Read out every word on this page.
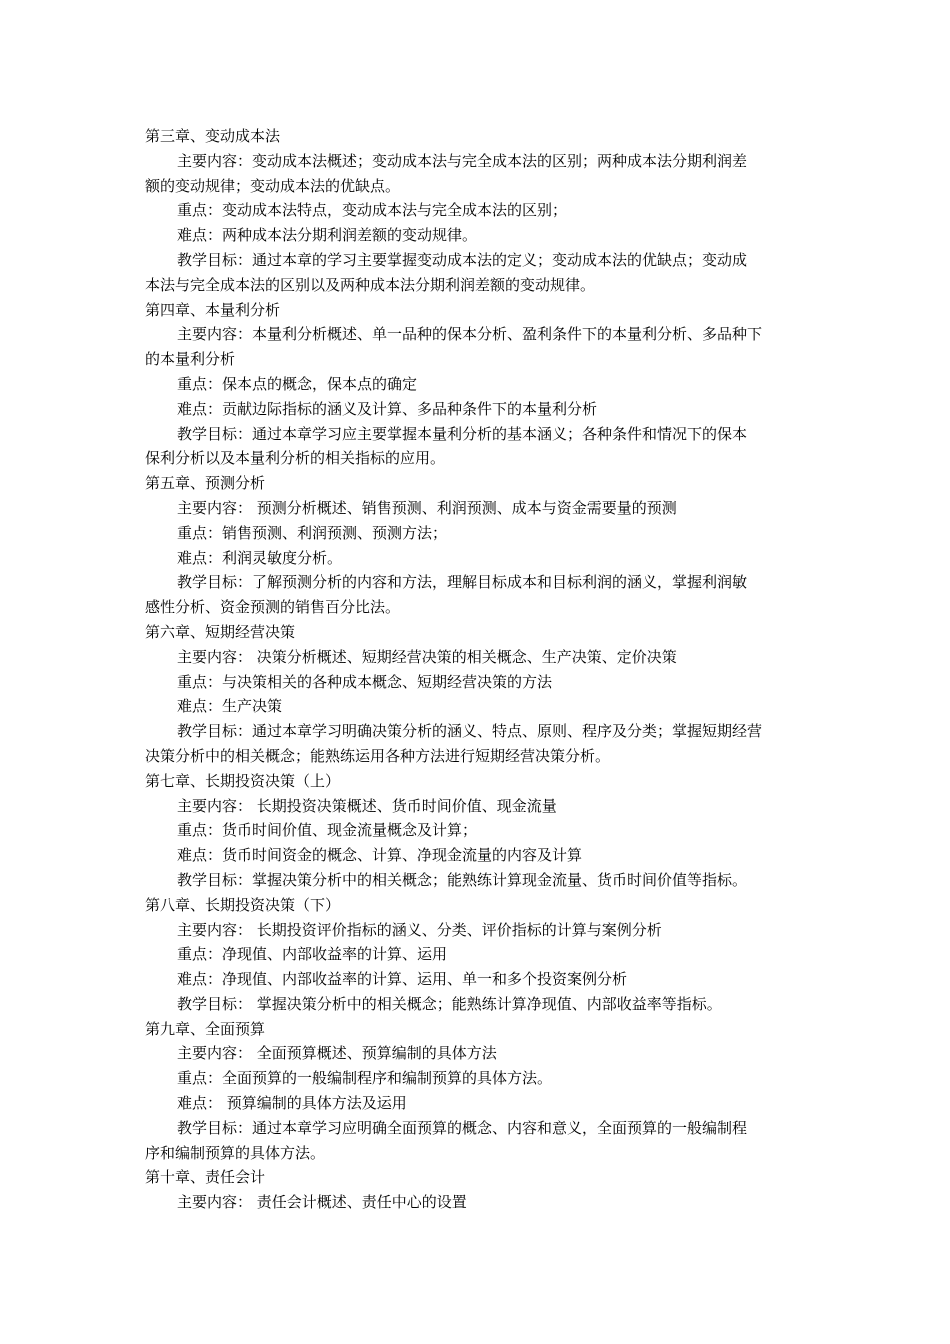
第三章、变动成本法
主要内容：变动成本法概述；变动成本法与完全成本法的区别；两种成本法分期利润差
额的变动规律；变动成本法的优缺点。
重点：变动成本法特点，变动成本法与完全成本法的区别；
难点：两种成本法分期利润差额的变动规律。
教学目标：通过本章的学习主要掌握变动成本法的定义；变动成本法的优缺点；变动成
本法与完全成本法的区别以及两种成本法分期利润差额的变动规律。
第四章、本量利分析
主要内容：本量利分析概述、单一品种的保本分析、盈利条件下的本量利分析、多品种下
的本量利分析
重点：保本点的概念，保本点的确定
难点：贡献边际指标的涵义及计算、多品种条件下的本量利分析
教学目标：通过本章学习应主要掌握本量利分析的基本涵义；各种条件和情况下的保本
保利分析以及本量利分析的相关指标的应用。
第五章、预测分析
主要内容： 预测分析概述、销售预测、利润预测、成本与资金需要量的预测
重点：销售预测、利润预测、预测方法；
难点：利润灵敏度分析。
教学目标：了解预测分析的内容和方法，理解目标成本和目标利润的涵义，掌握利润敏
感性分析、资金预测的销售百分比法。
第六章、短期经营决策
主要内容： 决策分析概述、短期经营决策的相关概念、生产决策、定价决策
重点：与决策相关的各种成本概念、短期经营决策的方法
难点：生产决策
教学目标：通过本章学习明确决策分析的涵义、特点、原则、程序及分类；掌握短期经营
决策分析中的相关概念；能熟练运用各种方法进行短期经营决策分析。
第七章、长期投资决策（上）
主要内容： 长期投资决策概述、货币时间价值、现金流量
重点：货币时间价值、现金流量概念及计算；
难点：货币时间资金的概念、计算、净现金流量的内容及计算
教学目标：掌握决策分析中的相关概念；能熟练计算现金流量、货币时间价值等指标。
第八章、长期投资决策（下）
主要内容： 长期投资评价指标的涵义、分类、评价指标的计算与案例分析
重点：净现值、内部收益率的计算、运用
难点：净现值、内部收益率的计算、运用、单一和多个投资案例分析
教学目标： 掌握决策分析中的相关概念；能熟练计算净现值、内部收益率等指标。
第九章、全面预算
主要内容： 全面预算概述、预算编制的具体方法
重点：全面预算的一般编制程序和编制预算的具体方法。
难点： 预算编制的具体方法及运用
教学目标：通过本章学习应明确全面预算的概念、内容和意义，全面预算的一般编制程
序和编制预算的具体方法。
第十章、责任会计
主要内容： 责任会计概述、责任中心的设置
